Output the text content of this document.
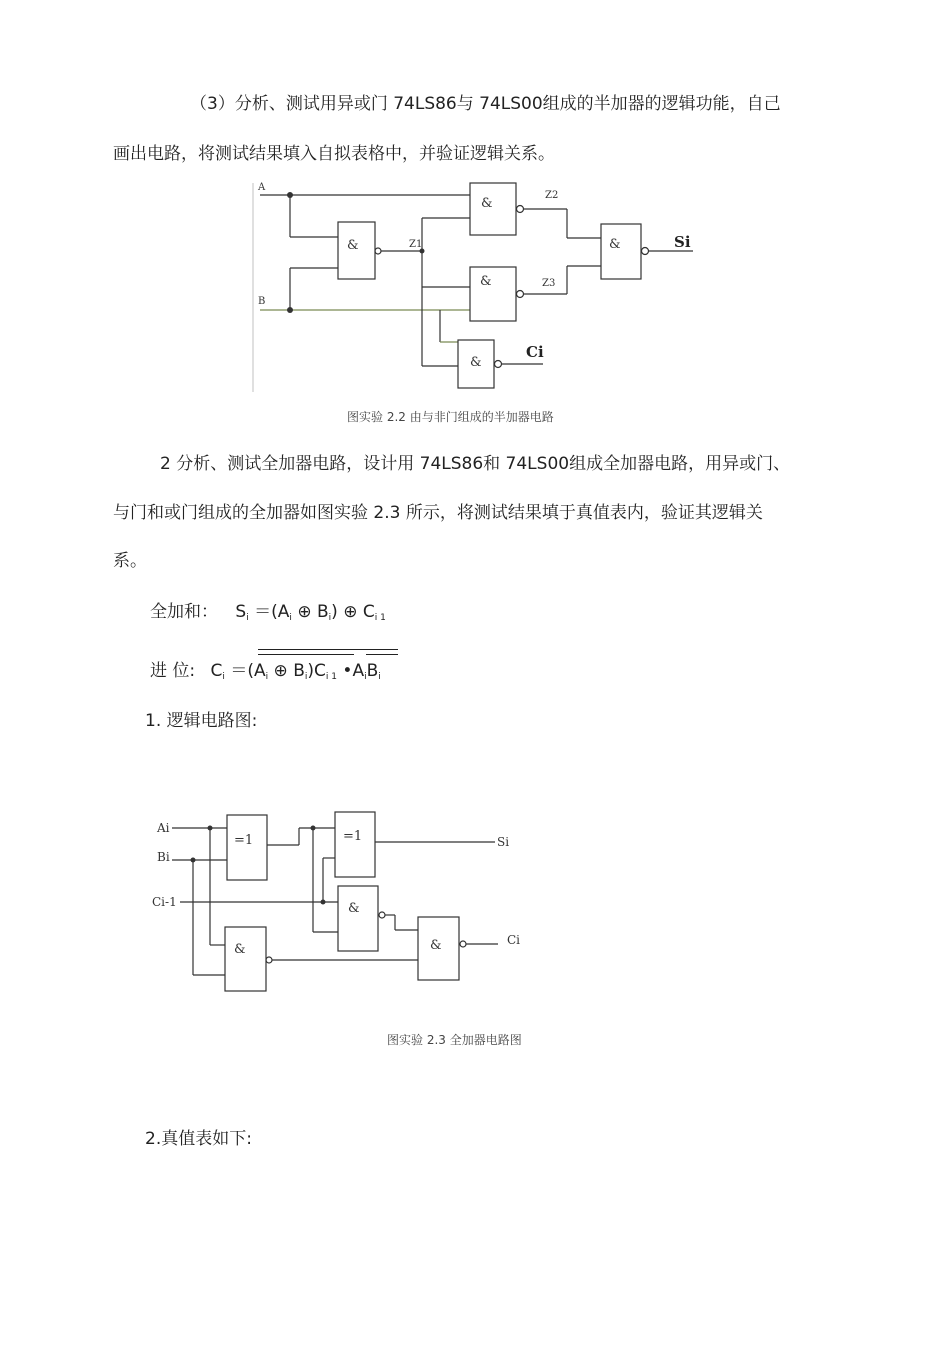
（3）分析、测试用异或门 74LS86与 74LS00组成的半加器的逻辑功能，自己
画出电路，将测试结果填入自拟表格中，并验证逻辑关系。
A
B
Z1
Z2
Z3
&
&
&
&
&
Si
Ci
图实验 2.2 由与非门组成的半加器电路
2 分析、测试全加器电路，设计用 74LS86和 74LS00组成全加器电路，用异或门、
与门和或门组成的全加器如图实验 2.3 所示，将测试结果填于真值表内，验证其逻辑关
系。
全加和： $S_i =(A_i$ ⊕ $B_i$) ⊕ $C_{i 1}$
进 位: $C_i =(A_i$ ⊕ $B_i)C_{i 1}$ $•A_iB_i$
1. 逻辑电路图:
Ai
Bi
Ci-1
Si
Ci
=1	=1
&
&	&
图实验 2.3 全加器电路图
2.真值表如下:
